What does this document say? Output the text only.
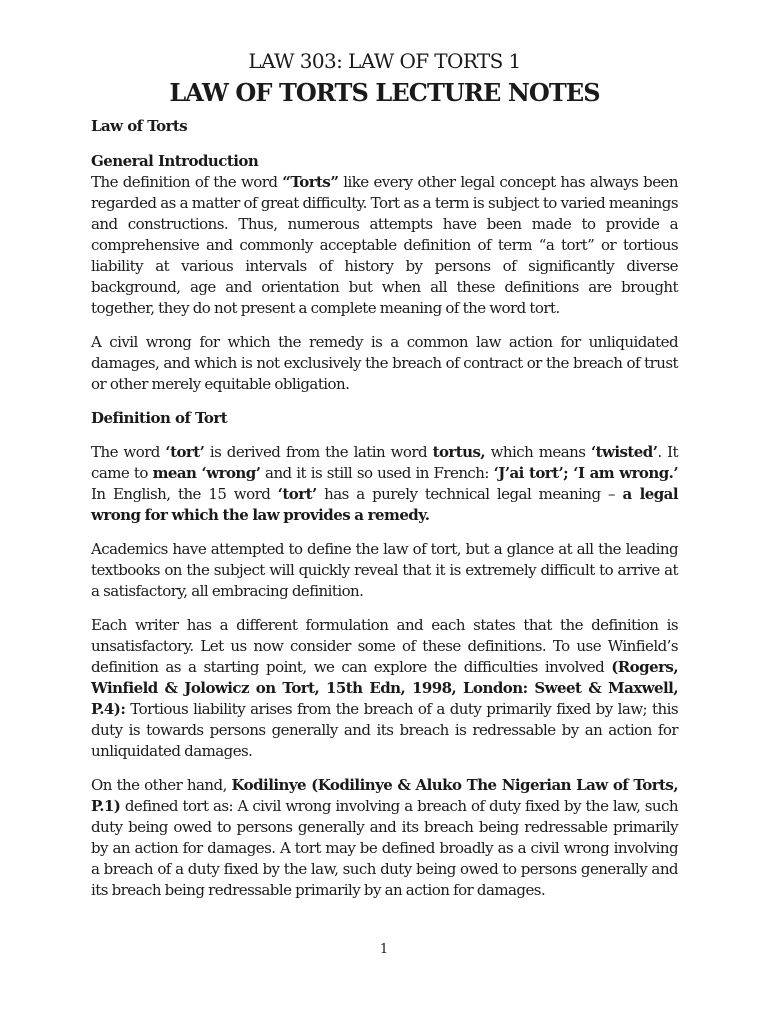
LAW 303: LAW OF TORTS 1
LAW OF TORTS LECTURE NOTES

Law of Torts

General Introduction

The definition of the word “Torts” like every other legal concept has always been regarded as a matter of great difficulty. Tort as a term is subject to varied meanings and constructions. Thus, numerous attempts have been made to provide a comprehensive and commonly acceptable definition of term “a tort” or tortious liability at various intervals of history by persons of significantly diverse background, age and orientation but when all these definitions are brought together, they do not present a complete meaning of the word tort.

A civil wrong for which the remedy is a common law action for unliquidated damages, and which is not exclusively the breach of contract or the breach of trust or other merely equitable obligation.

Definition of Tort

The word ‘tort’ is derived from the latin word tortus, which means ‘twisted’. It came to mean ‘wrong’ and it is still so used in French: ‘J’ai tort’; ‘I am wrong.’ In English, the 15 word ‘tort’ has a purely technical legal meaning – a legal wrong for which the law provides a remedy.

Academics have attempted to define the law of tort, but a glance at all the leading textbooks on the subject will quickly reveal that it is extremely difficult to arrive at a satisfactory, all embracing definition.

Each writer has a different formulation and each states that the definition is unsatisfactory. Let us now consider some of these definitions. To use Winfield’s definition as a starting point, we can explore the difficulties involved (Rogers, Winfield & Jolowicz on Tort, 15th Edn, 1998, London: Sweet & Maxwell, P.4): Tortious liability arises from the breach of a duty primarily fixed by law; this duty is towards persons generally and its breach is redressable by an action for unliquidated damages.

On the other hand, Kodilinye (Kodilinye & Aluko The Nigerian Law of Torts, P.1) defined tort as: A civil wrong involving a breach of duty fixed by the law, such duty being owed to persons generally and its breach being redressable primarily by an action for damages. A tort may be defined broadly as a civil wrong involving a breach of a duty fixed by the law, such duty being owed to persons generally and its breach being redressable primarily by an action for damages.

1
